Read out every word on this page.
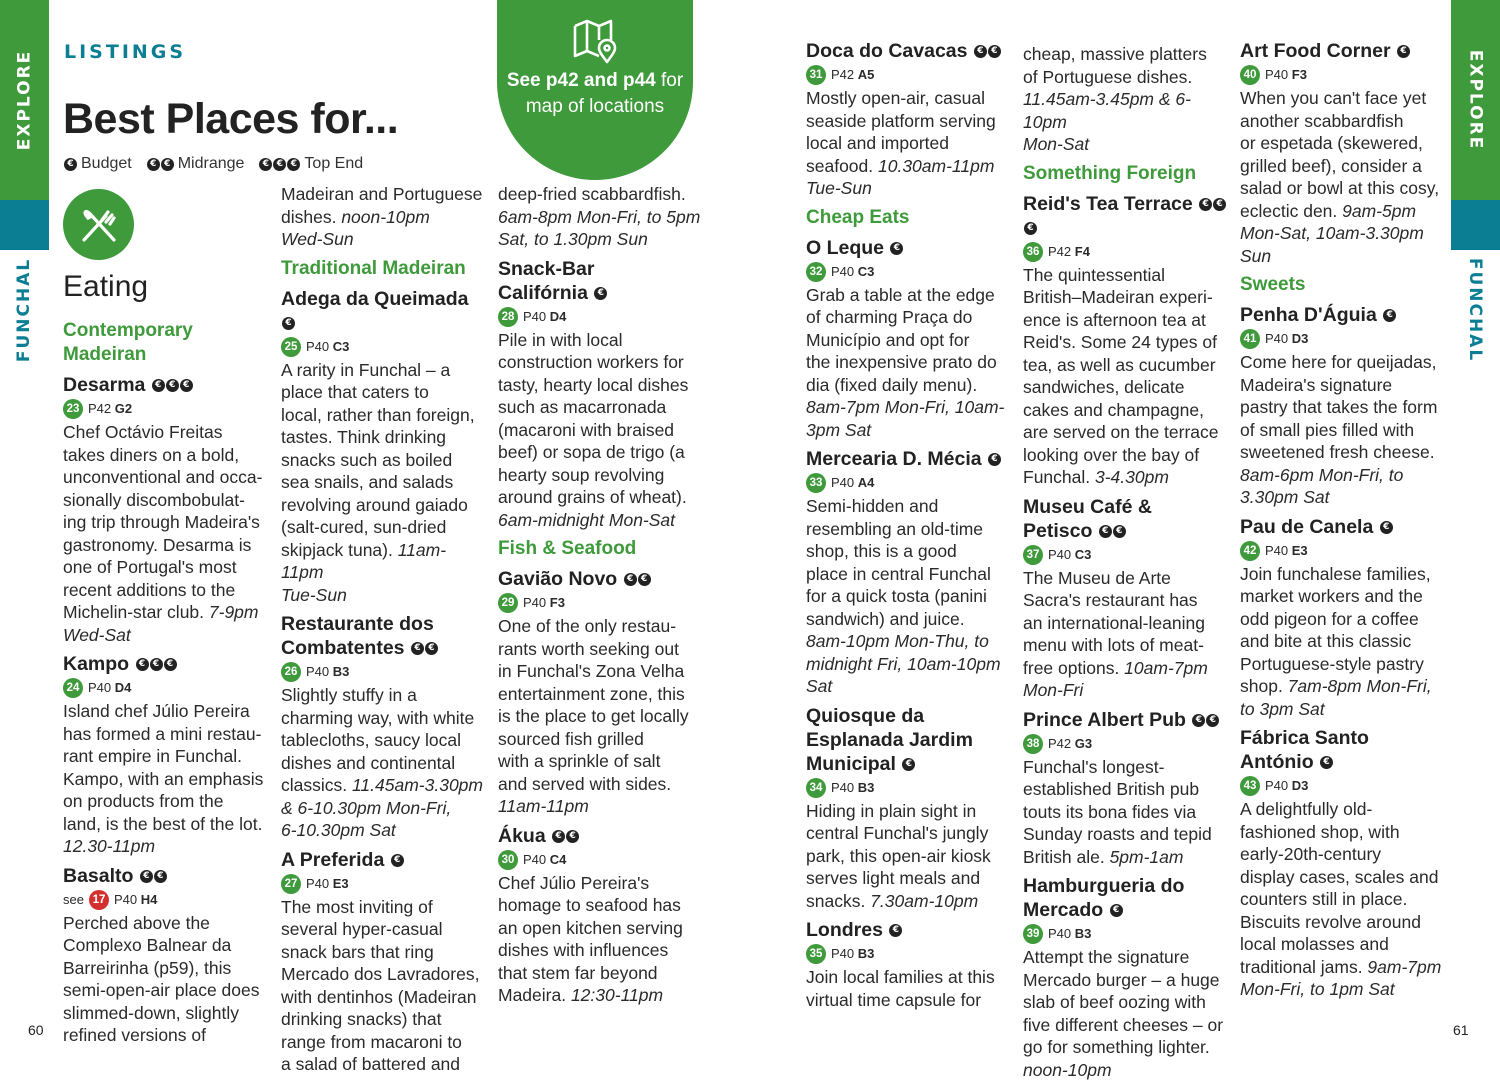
EXPLORE
FUNCHAL
EXPLORE
FUNCHAL
LISTINGS
Best Places for...
€ Budget	€ € Midrange	€ € € Top End
Eating
See p42 and p44 for
map of locations
Contemporary Madeiran
Desarma € € €
23 P42 G2

Chef Octávio Freitas
takes diners on a bold,
unconventional and occa-
sionally discombobulat-
ing trip through Madeira's
gastronomy. Desarma is
one of Portugal's most
recent additions to the
Michelin-star club. 7-9pm
Wed-Sat

Kampo € € €
24 P40 D4

Island chef Júlio Pereira
has formed a mini restau-
rant empire in Funchal.
Kampo, with an emphasis
on products from the
land, is the best of the lot.
12.30-11pm

Basalto € €
see 17 P40 H4

Perched above the
Complexo Balnear da
Barreirinha (p59), this
semi-open-air place does
slimmed-down, slightly
refined versions of

Madeiran and Portuguese
dishes. noon-10pm
Wed-Sun

Traditional Madeiran
Adega da Queimada €
25 P40 C3

A rarity in Funchal – a
place that caters to
local, rather than foreign,
tastes. Think drinking
snacks such as boiled
sea snails, and salads
revolving around gaiado
(salt-cured, sun-dried
skipjack tuna). 11am-11pm
Tue-Sun

Restaurante dos
Combatentes € €
26 P40 B3

Slightly stuffy in a
charming way, with white
tablecloths, saucy local
dishes and continental
classics. 11.45am-3.30pm
& 6-10.30pm Mon-Fri,
6-10.30pm Sat

A Preferida €
27 P40 E3

The most inviting of
several hyper-casual
snack bars that ring
Mercado dos Lavradores,
with dentinhos (Madeiran
drinking snacks) that
range from macaroni to
a salad of battered and

deep-fried scabbardfish.
6am-8pm Mon-Fri, to 5pm
Sat, to 1.30pm Sun

Snack-Bar
Califórnia €
28 P40 D4

Pile in with local
construction workers for
tasty, hearty local dishes
such as macarronada
(macaroni with braised
beef) or sopa de trigo (a
hearty soup revolving
around grains of wheat).
6am-midnight Mon-Sat

Fish & Seafood
Gavião Novo € €
29 P40 F3

One of the only restau-
rants worth seeking out
in Funchal's Zona Velha
entertainment zone, this
is the place to get locally
sourced fish grilled
with a sprinkle of salt
and served with sides.
11am-11pm

Ákua € €
30 P40 C4

Chef Júlio Pereira's
homage to seafood has
an open kitchen serving
dishes with influences
that stem far beyond
Madeira. 12:30-11pm

Doca do Cavacas € €
31 P42 A5

Mostly open-air, casual
seaside platform serving
local and imported
seafood. 10.30am-11pm
Tue-Sun

Cheap Eats
O Leque €
32 P40 C3

Grab a table at the edge
of charming Praça do
Município and opt for
the inexpensive prato do
dia (fixed daily menu).
8am-7pm Mon-Fri, 10am-
3pm Sat

Mercearia D. Mécia €
33 P40 A4

Semi-hidden and
resembling an old-time
shop, this is a good
place in central Funchal
for a quick tosta (panini
sandwich) and juice.
8am-10pm Mon-Thu, to
midnight Fri, 10am-10pm
Sat

Quiosque da
Esplanada Jardim
Municipal €
34 P40 B3

Hiding in plain sight in
central Funchal's jungly
park, this open-air kiosk
serves light meals and
snacks. 7.30am-10pm

Londres €
35 P40 B3

Join local families at this
virtual time capsule for

cheap, massive platters
of Portuguese dishes.
11.45am-3.45pm & 6-10pm
Mon-Sat

Something Foreign
Reid's Tea Terrace € €€
36 P42 F4

The quintessential
British–Madeiran experi-
ence is afternoon tea at
Reid's. Some 24 types of
tea, as well as cucumber
sandwiches, delicate
cakes and champagne,
are served on the terrace
looking over the bay of
Funchal. 3-4.30pm

Museu Café &
Petisco € €
37 P40 C3

The Museu de Arte
Sacra's restaurant has
an international-leaning
menu with lots of meat-
free options. 10am-7pm
Mon-Fri

Prince Albert Pub € €
38 P42 G3

Funchal's longest-
established British pub
touts its bona fides via
Sunday roasts and tepid
British ale. 5pm-1am

Hamburgueria do
Mercado €
39 P40 B3

Attempt the signature
Mercado burger – a huge
slab of beef oozing with
five different cheeses – or
go for something lighter.
noon-10pm

Art Food Corner €
40 P40 F3

When you can't face yet
another scabbardfish
or espetada (skewered,
grilled beef), consider a
salad or bowl at this cosy,
eclectic den. 9am-5pm
Mon-Sat, 10am-3.30pm
Sun

Sweets
Penha D'Águia €
41 P40 D3

Come here for queijadas,
Madeira's signature
pastry that takes the form
of small pies filled with
sweetened fresh cheese.
8am-6pm Mon-Fri, to
3.30pm Sat

Pau de Canela €
42 P40 E3

Join funchalese families,
market workers and the
odd pigeon for a coffee
and bite at this classic
Portuguese-style pastry
shop. 7am-8pm Mon-Fri,
to 3pm Sat

Fábrica Santo
António €
43 P40 D3

A delightfully old-
fashioned shop, with
early-20th-century
display cases, scales and
counters still in place.
Biscuits revolve around
local molasses and
traditional jams. 9am-7pm
Mon-Fri, to 1pm Sat

60	61
